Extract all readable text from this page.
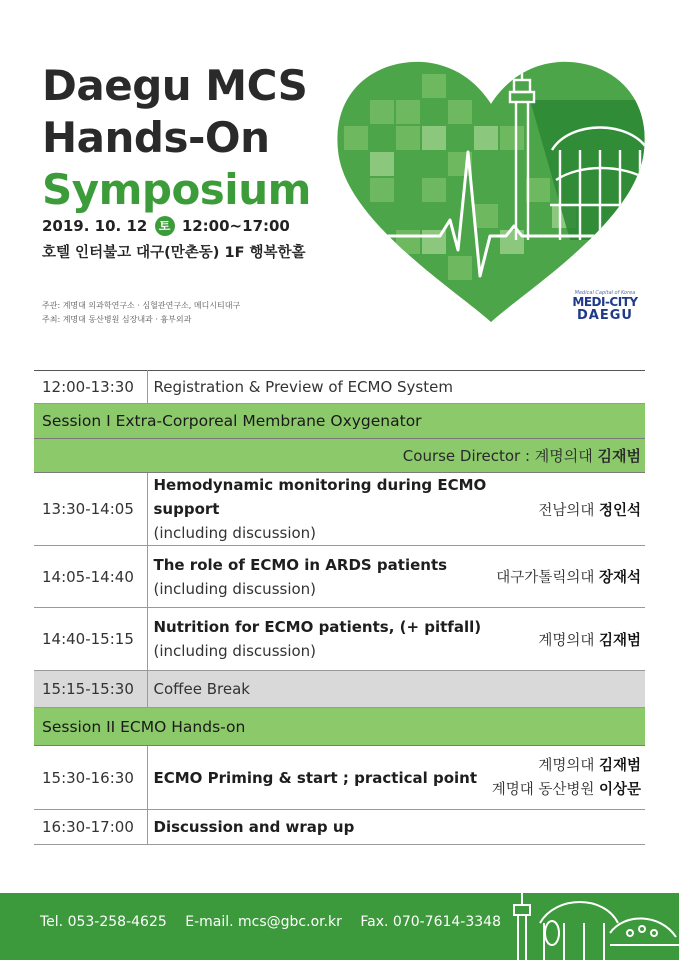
Daegu MCS
Hands-On
Symposium
2019. 10. 12 토 12:00~17:00
호텔 인터불고 대구(만촌동) 1F 행복한홀
주관: 계명대 의과학연구소 · 심혈관연구소, 메디시티대구
주최: 계명대 동산병원 심장내과 · 흉부외과
Medical Capital of Korea
MEDI-CITY
DAEGU
12:00-13:30	Registration & Preview of ECMO System	

Session I Extra-Corporeal Membrane Oxygenator		
Course Director : 계명의대 김재범		
13:30-14:05	Hemodynamic monitoring during ECMO support
(including discussion)	전남의대 정인석
14:05-14:40	The role of ECMO in ARDS patients
(including discussion)	대구가톨릭의대 장재석
14:40-15:15	Nutrition for ECMO patients, (+ pitfall)
(including discussion)	계명의대 김재범
15:15-15:30	Coffee Break	

Session II ECMO Hands-on		
15:30-16:30	ECMO Priming & start ; practical point	계명의대 김재범
계명대 동산병원 이상문

16:30-17:00	Discussion and wrap up	
Tel. 053-258-4625 E-mail. mcs@gbc.or.kr Fax. 070-7614-3348
